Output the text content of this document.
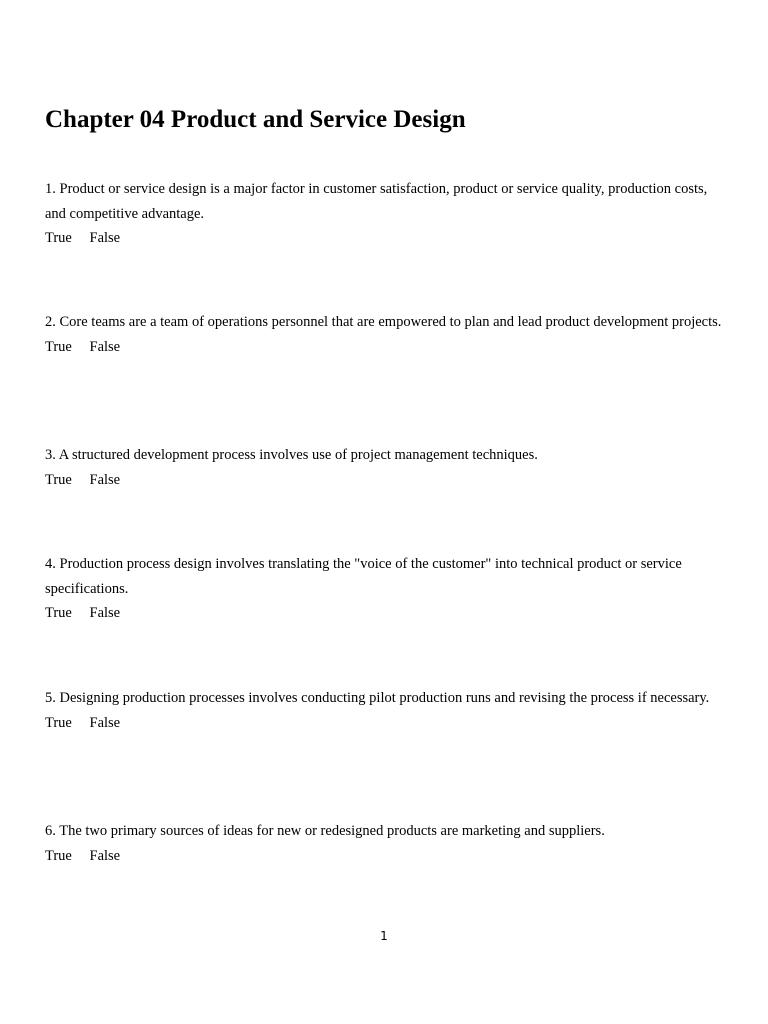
Chapter 04 Product and Service Design

1. Product or service design is a major factor in customer satisfaction, product or service quality, production costs, and competitive advantage.

True False

2. Core teams are a team of operations personnel that are empowered to plan and lead product development projects.

True False

3. A structured development process involves use of project management techniques.

True False

4. Production process design involves translating the "voice of the customer" into technical product or service specifications.

True False

5. Designing production processes involves conducting pilot production runs and revising the process if necessary.

True False

6. The two primary sources of ideas for new or redesigned products are marketing and suppliers.

True False
1
